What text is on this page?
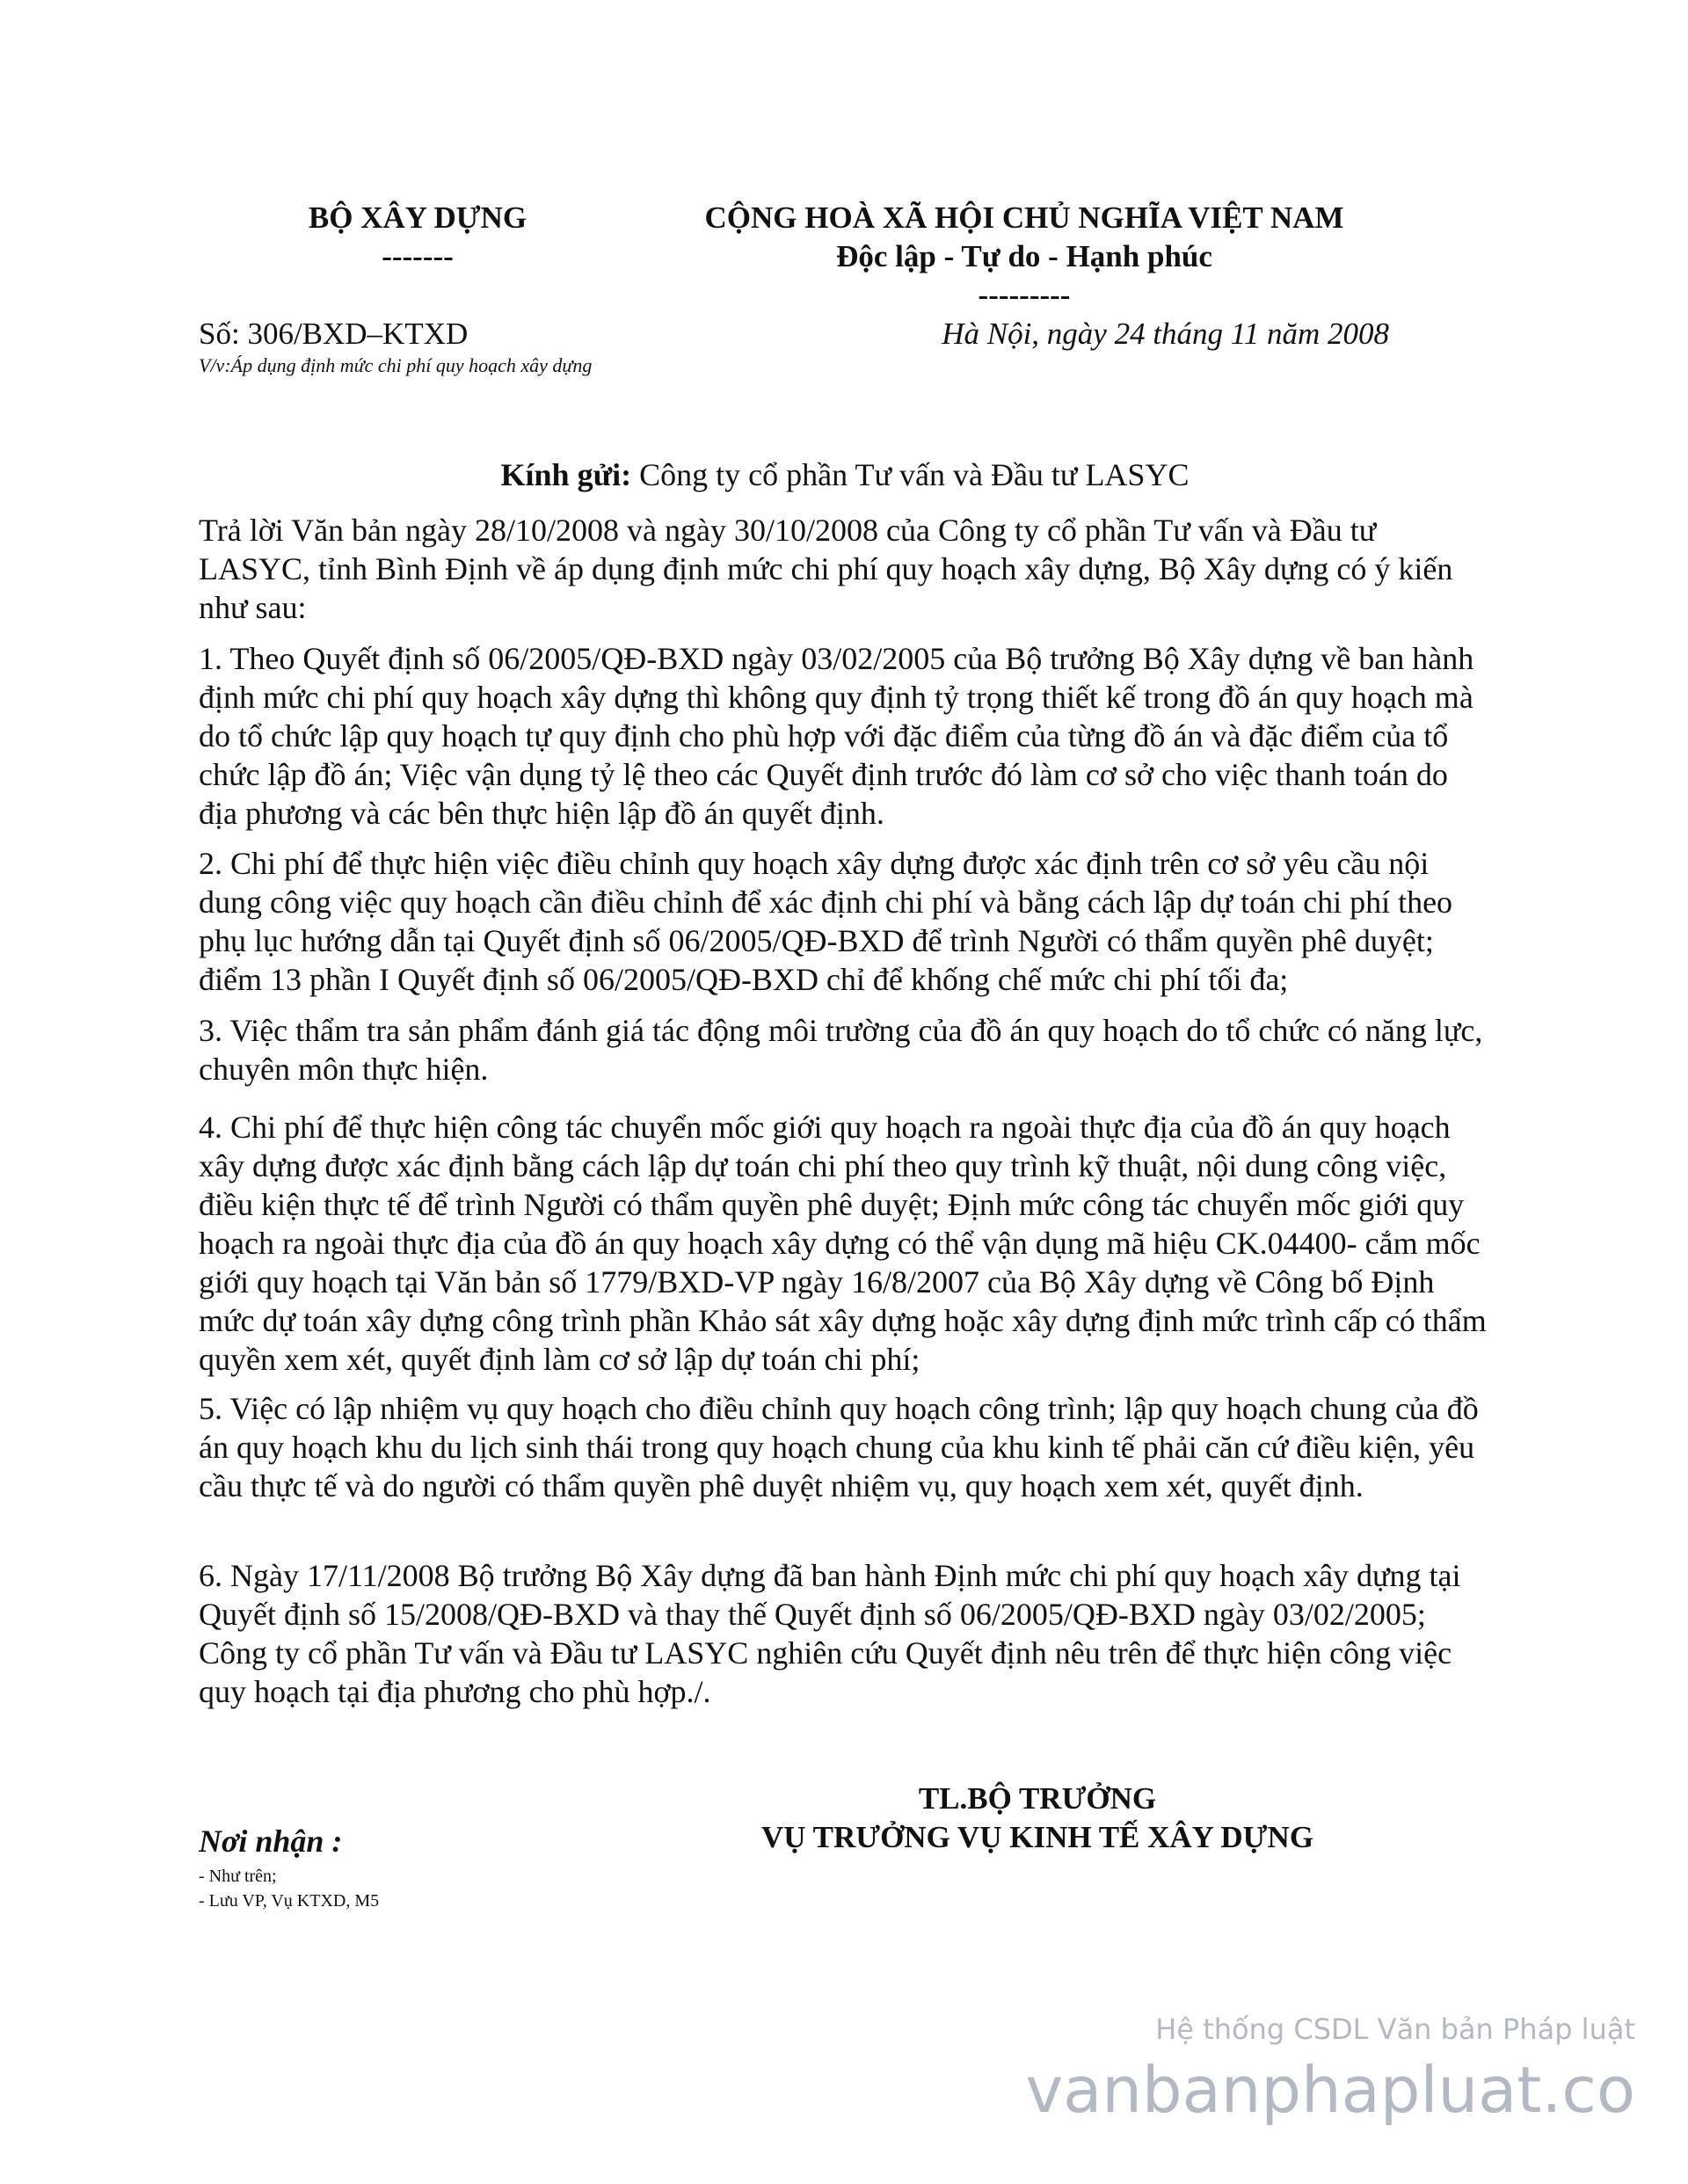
BỘ XÂY DỰNG
-------
CỘNG HOÀ XÃ HỘI CHỦ NGHĨA VIỆT NAM
Độc lập - Tự do - Hạnh phúc
---------
Số: 306/BXD–KTXD
V/v:Áp dụng định mức chi phí quy hoạch xây dựng
Hà Nội, ngày 24 tháng 11 năm 2008
Kính gửi: Công ty cổ phần Tư vấn và Đầu tư LASYC

Trả lời Văn bản ngày 28/10/2008 và ngày 30/10/2008 của Công ty cổ phần Tư vấn và Đầu tư LASYC, tỉnh Bình Định về áp dụng định mức chi phí quy hoạch xây dựng, Bộ Xây dựng có ý kiến như sau:

1. Theo Quyết định số 06/2005/QĐ-BXD ngày 03/02/2005 của Bộ trưởng Bộ Xây dựng về ban hành định mức chi phí quy hoạch xây dựng thì không quy định tỷ trọng thiết kế trong đồ án quy hoạch mà do tổ chức lập quy hoạch tự quy định cho phù hợp với đặc điểm của từng đồ án và đặc điểm của tổ chức lập đồ án; Việc vận dụng tỷ lệ theo các Quyết định trước đó làm cơ sở cho việc thanh toán do địa phương và các bên thực hiện lập đồ án quyết định.

2. Chi phí để thực hiện việc điều chỉnh quy hoạch xây dựng được xác định trên cơ sở yêu cầu nội dung công việc quy hoạch cần điều chỉnh để xác định chi phí và bằng cách lập dự toán chi phí theo phụ lục hướng dẫn tại Quyết định số 06/2005/QĐ-BXD để trình Người có thẩm quyền phê duyệt; điểm 13 phần I Quyết định số 06/2005/QĐ-BXD chỉ để khống chế mức chi phí tối đa;

3. Việc thẩm tra sản phẩm đánh giá tác động môi trường của đồ án quy hoạch do tổ chức có năng lực, chuyên môn thực hiện.

4. Chi phí để thực hiện công tác chuyển mốc giới quy hoạch ra ngoài thực địa của đồ án quy hoạch xây dựng được xác định bằng cách lập dự toán chi phí theo quy trình kỹ thuật, nội dung công việc, điều kiện thực tế để trình Người có thẩm quyền phê duyệt; Định mức công tác chuyển mốc giới quy hoạch ra ngoài thực địa của đồ án quy hoạch xây dựng có thể vận dụng mã hiệu CK.04400- cắm mốc giới quy hoạch tại Văn bản số 1779/BXD-VP ngày 16/8/2007 của Bộ Xây dựng về Công bố Định mức dự toán xây dựng công trình phần Khảo sát xây dựng hoặc xây dựng định mức trình cấp có thẩm quyền xem xét, quyết định làm cơ sở lập dự toán chi phí;

5. Việc có lập nhiệm vụ quy hoạch cho điều chỉnh quy hoạch công trình; lập quy hoạch chung của đồ án quy hoạch khu du lịch sinh thái trong quy hoạch chung của khu kinh tế phải căn cứ điều kiện, yêu cầu thực tế và do người có thẩm quyền phê duyệt nhiệm vụ, quy hoạch xem xét, quyết định.

6. Ngày 17/11/2008 Bộ trưởng Bộ Xây dựng đã ban hành Định mức chi phí quy hoạch xây dựng tại Quyết định số 15/2008/QĐ-BXD và thay thế Quyết định số 06/2005/QĐ-BXD ngày 03/02/2005; Công ty cổ phần Tư vấn và Đầu tư LASYC nghiên cứu Quyết định nêu trên để thực hiện công việc quy hoạch tại địa phương cho phù hợp./.

TL.BỘ TRƯỞNG
VỤ TRƯỞNG VỤ KINH TẾ XÂY DỰNG
Nơi nhận :
- Như trên;
- Lưu VP, Vụ KTXD, M5
Hệ thống CSDL Văn bản Pháp luật
vanbanphapluat.co
